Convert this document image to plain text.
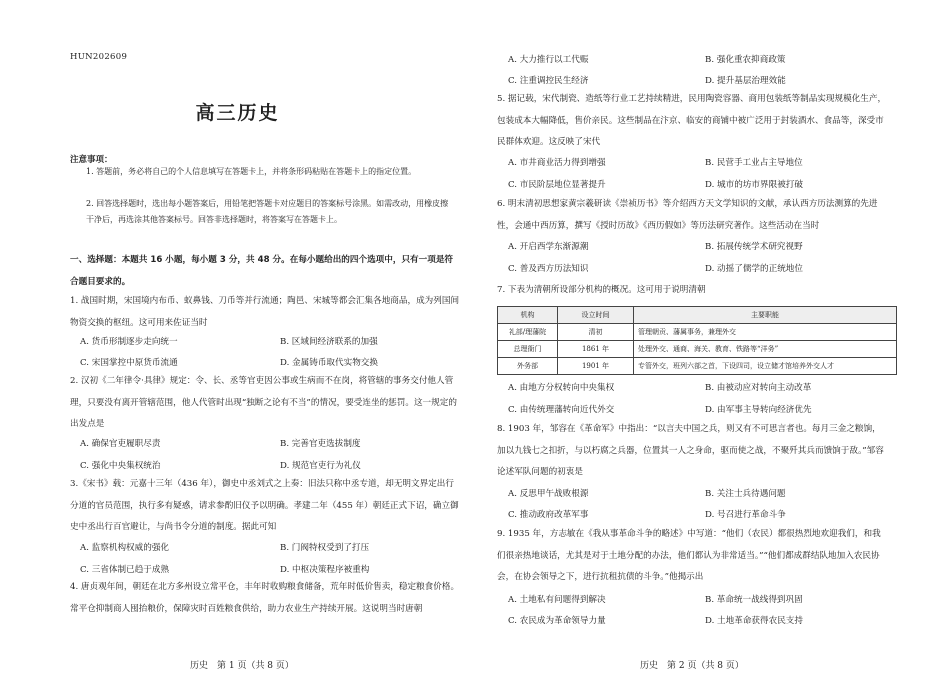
HUN202609
高三历史
注意事项：
1. 答题前，务必将自己的个人信息填写在答题卡上，并将条形码粘贴在答题卡上的指定位置。
2. 回答选择题时，选出每小题答案后，用铅笔把答题卡对应题目的答案标号涂黑。如需改动，用橡皮擦干净后，再选涂其他答案标号。回答非选择题时，将答案写在答题卡上。
一、选择题：本题共 16 小题，每小题 3 分，共 48 分。在每小题给出的四个选项中，只有一项是符合题目要求的。
1. 战国时期，宋国境内布币、蚁鼻钱、刀币等并行流通；陶邑、宋城等都会汇集各地商品，成为列国间物资交换的枢纽。这可用来佐证当时
A. 货币形制逐步走向统一	B. 区域间经济联系的加强
C. 宋国掌控中原货币流通	D. 金属铸币取代实物交换
2. 汉初《二年律令·具律》规定：令、长、丞等官吏因公事或生病而不在岗，将管辖的事务交付他人管理，只要没有离开管辖范围，他人代管时出现“独断之论有不当”的情况，要受连坐的惩罚。这一规定的出发点是
A. 确保官吏履职尽责	B. 完善官吏选拔制度
C. 强化中央集权统治	D. 规范官吏行为礼仪
3.《宋书》载：元嘉十三年（436 年），御史中丞刘式之上奏：旧法只称中丞专道，却无明文界定出行分道的官员范围，执行多有疑惑，请求参酌旧仪予以明确。孝建二年（455 年）朝廷正式下诏，确立御史中丞出行百官避让，与尚书令分道的制度。据此可知
A. 监察机构权威的强化	B. 门阀特权受到了打压
C. 三省体制已趋于成熟	D. 中枢决策程序被重构
4. 唐贞观年间，朝廷在北方多州设立常平仓，丰年时收购粮食储备，荒年时低价售卖，稳定粮食价格。常平仓抑制商人囤抬粮价，保障灾时百姓粮食供给，助力农业生产持续开展。这说明当时唐朝
历史　第 1 页（共 8 页）
A. 大力推行以工代赈	B. 强化重农抑商政策
C. 注重调控民生经济	D. 提升基层治理效能
5. 据记载，宋代制瓷、造纸等行业工艺持续精进，民用陶瓷容器、商用包装纸等制品实现规模化生产，包装成本大幅降低，售价亲民。这些制品在汴京、临安的商铺中被广泛用于封装酒水、食品等，深受市民群体欢迎。这反映了宋代
A. 市井商业活力得到增强	B. 民营手工业占主导地位
C. 市民阶层地位显著提升	D. 城市的坊市界限被打破
6. 明末清初思想家黄宗羲研读《崇祯历书》等介绍西方天文学知识的文献，承认西方历法测算的先进性，会通中西历算，撰写《授时历故》《西历假如》等历法研究著作。这些活动在当时
A. 开启西学东渐源潮	B. 拓展传统学术研究视野
C. 普及西方历法知识	D. 动摇了儒学的正统地位
7. 下表为清朝所设部分机构的概况。这可用于说明清朝
机构	设立时间	主要职能
礼部/理藩院	清初	管理朝贡、藩属事务，兼理外交
总理衙门	1861 年	处理外交、通商、海关、教育、铁路等“洋务”
外务部	1901 年	专管外交，班列六部之首，下设四司，设立储才馆培养外交人才
A. 由地方分权转向中央集权	B. 由被动应对转向主动改革
C. 由传统理藩转向近代外交	D. 由军事主导转向经济优先
8. 1903 年，邹容在《革命军》中指出：“以言夫中国之兵，则又有不可思言者也。每月三金之粮饷，加以九钱七之扣折，与以朽腐之兵器，位置其一人之身命，驱而使之战，不聚歼其兵而馈饷于敌。”邹容论述军队问题的初衷是
A. 反思甲午战败根源	B. 关注士兵待遇问题
C. 推动政府改革军事	D. 号召进行革命斗争
9. 1935 年，方志敏在《我从事革命斗争的略述》中写道：“他们（农民）都很热烈地欢迎我们，和我们很亲热地谈话，尤其是对于土地分配的办法，他们都认为非常适当。”“他们都成群结队地加入农民协会，在协会领导之下，进行抗租抗债的斗争。”他揭示出
A. 土地私有问题得到解决	B. 革命统一战线得到巩固
C. 农民成为革命领导力量	D. 土地革命获得农民支持
历史　第 2 页（共 8 页）
